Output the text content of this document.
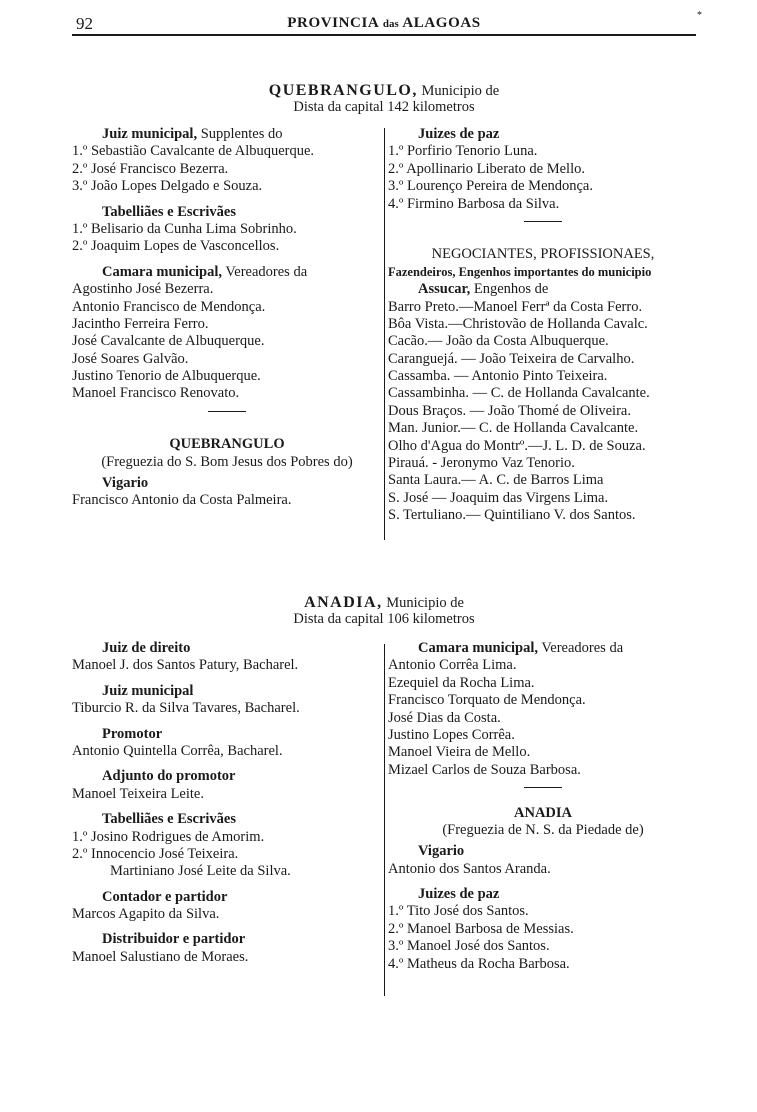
92	PROVINCIA das ALAGOAS	*
QUEBRANGULO, Municipio de
Dista da capital 142 kilometros
Juiz municipal, Supplentes do
1.º Sebastião Cavalcante de Albuquerque.
2.º José Francisco Bezerra.
3.º João Lopes Delgado e Souza.
Tabelliães e Escrivães
1.º Belisario da Cunha Lima Sobrinho.
2.º Joaquim Lopes de Vasconcellos.
Camara municipal, Vereadores da
Agostinho José Bezerra.
Antonio Francisco de Mendonça.
Jacintho Ferreira Ferro.
José Cavalcante de Albuquerque.
José Soares Galvão.
Justino Tenorio de Albuquerque.
Manoel Francisco Renovato.
QUEBRANGULO
(Freguezia do S. Bom Jesus dos Pobres do)
Vigario
Francisco Antonio da Costa Palmeira.
Juizes de paz
1.º Porfirio Tenorio Luna.
2.º Apollinario Liberato de Mello.
3.º Lourenço Pereira de Mendonça.
4.º Firmino Barbosa da Silva.
NEGOCIANTES, PROFISSIONAES,
Fazendeiros, Engenhos importantes do municipio
Assucar, Engenhos de
Barro Preto.—Manoel Ferrª da Costa Ferro.
Bôa Vista.—Christovão de Hollanda Cavalc.
Cacão.— João da Costa Albuquerque.
Caranguejá. — João Teixeira de Carvalho.
Cassamba. — Antonio Pinto Teixeira.
Cassambinha. — C. de Hollanda Cavalcante.
Dous Braços. — João Thomé de Oliveira.
Man. Junior.— C. de Hollanda Cavalcante.
Olho d'Agua do Montrº.—J. L. D. de Souza.
Pirauá. - Jeronymo Vaz Tenorio.
Santa Laura.— A. C. de Barros Lima
S. José — Joaquim das Virgens Lima.
S. Tertuliano.— Quintiliano V. dos Santos.
ANADIA, Municipio de
Dista da capital 106 kilometros
Juiz de direito
Manoel J. dos Santos Patury, Bacharel.
Juiz municipal
Tiburcio R. da Silva Tavares, Bacharel.
Promotor
Antonio Quintella Corrêa, Bacharel.
Adjunto do promotor
Manoel Teixeira Leite.
Tabelliães e Escrivães
1.º Josino Rodrigues de Amorim.
2.º Innocencio José Teixeira.
Martiniano José Leite da Silva.
Contador e partidor
Marcos Agapito da Silva.
Distribuidor e partidor
Manoel Salustiano de Moraes.
Camara municipal, Vereadores da
Antonio Corrêa Lima.
Ezequiel da Rocha Lima.
Francisco Torquato de Mendonça.
José Dias da Costa.
Justino Lopes Corrêa.
Manoel Vieira de Mello.
Mizael Carlos de Souza Barbosa.
ANADIA
(Freguezia de N. S. da Piedade de)
Vigario
Antonio dos Santos Aranda.
Juizes de paz
1.º Tito José dos Santos.
2.º Manoel Barbosa de Messias.
3.º Manoel José dos Santos.
4.º Matheus da Rocha Barbosa.
